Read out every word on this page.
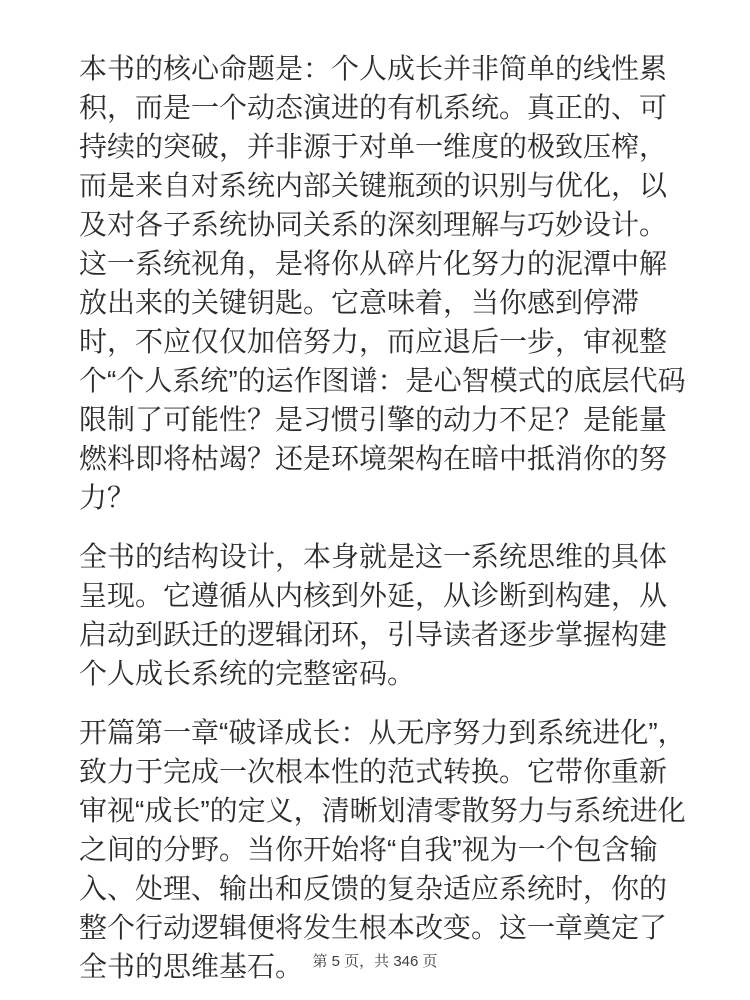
本书的核心命题是：个人成长并非简单的线性累积，而是一个动态演进的有机系统。真正的、可持续的突破，并非源于对单一维度的极致压榨，而是来自对系统内部关键瓶颈的识别与优化，以及对各子系统协同关系的深刻理解与巧妙设计。这一系统视角，是将你从碎片化努力的泥潭中解放出来的关键钥匙。它意味着，当你感到停滞时，不应仅仅加倍努力，而应退后一步，审视整个“个人系统”的运作图谱：是心智模式的底层代码限制了可能性？是习惯引擎的动力不足？是能量燃料即将枯竭？还是环境架构在暗中抵消你的努力？

全书的结构设计，本身就是这一系统思维的具体呈现。它遵循从内核到外延，从诊断到构建，从启动到跃迁的逻辑闭环，引导读者逐步掌握构建个人成长系统的完整密码。

开篇第一章“破译成长：从无序努力到系统进化”，致力于完成一次根本性的范式转换。它带你重新审视“成长”的定义，清晰划清零散努力与系统进化之间的分野。当你开始将“自我”视为一个包含输入、处理、输出和反馈的复杂适应系统时，你的整个行动逻辑便将发生根本改变。这一章奠定了全书的思维基石。 第 5 页，共 346 页
